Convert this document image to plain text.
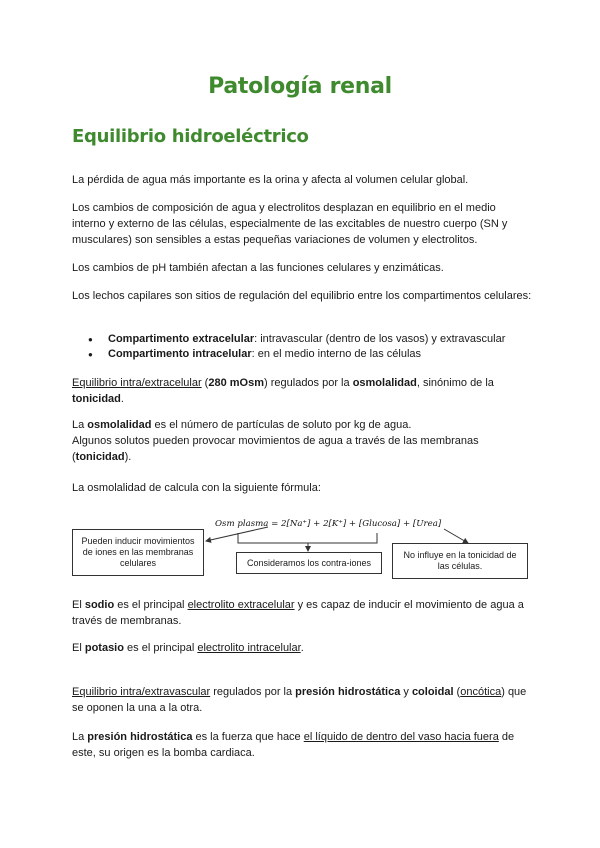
Patología renal
Equilibrio hidroeléctrico
La pérdida de agua más importante es la orina y afecta al volumen celular global.
Los cambios de composición de agua y electrolitos desplazan en equilibrio en el medio interno y externo de las células, especialmente de las excitables de nuestro cuerpo (SN y musculares) son sensibles a estas pequeñas variaciones de volumen y electrolitos.
Los cambios de pH también afectan a las funciones celulares y enzimáticas.
Los lechos capilares son sitios de regulación del equilibrio entre los compartimentos celulares:
● Compartimento extracelular: intravascular (dentro de los vasos) y extravascular
● Compartimento intracelular: en el medio interno de las células
Equilibrio intra/extracelular (280 mOsm) regulados por la osmolalidad, sinónimo de la tonicidad.
La osmolalidad es el número de partículas de soluto por kg de agua.
Algunos solutos pueden provocar movimientos de agua a través de las membranas (tonicidad).
La osmolalidad de calcula con la siguiente fórmula:
Osm plasma = 2[Na⁺] + 2[K⁺] + [Glucosa] + [Urea]
Pueden inducir movimientos de iones en las membranas celulares	Consideramos los contra-iones
No influye en la tonicidad de las células.
El sodio es el principal electrolito extracelular y es capaz de inducir el movimiento de agua a través de membranas.
El potasio es el principal electrolito intracelular.
Equilibrio intra/extravascular regulados por la presión hidrostática y coloidal (oncótica) que se oponen la una a la otra.
La presión hidrostática es la fuerza que hace el líquido de dentro del vaso hacia fuera de este, su origen es la bomba cardiaca.
